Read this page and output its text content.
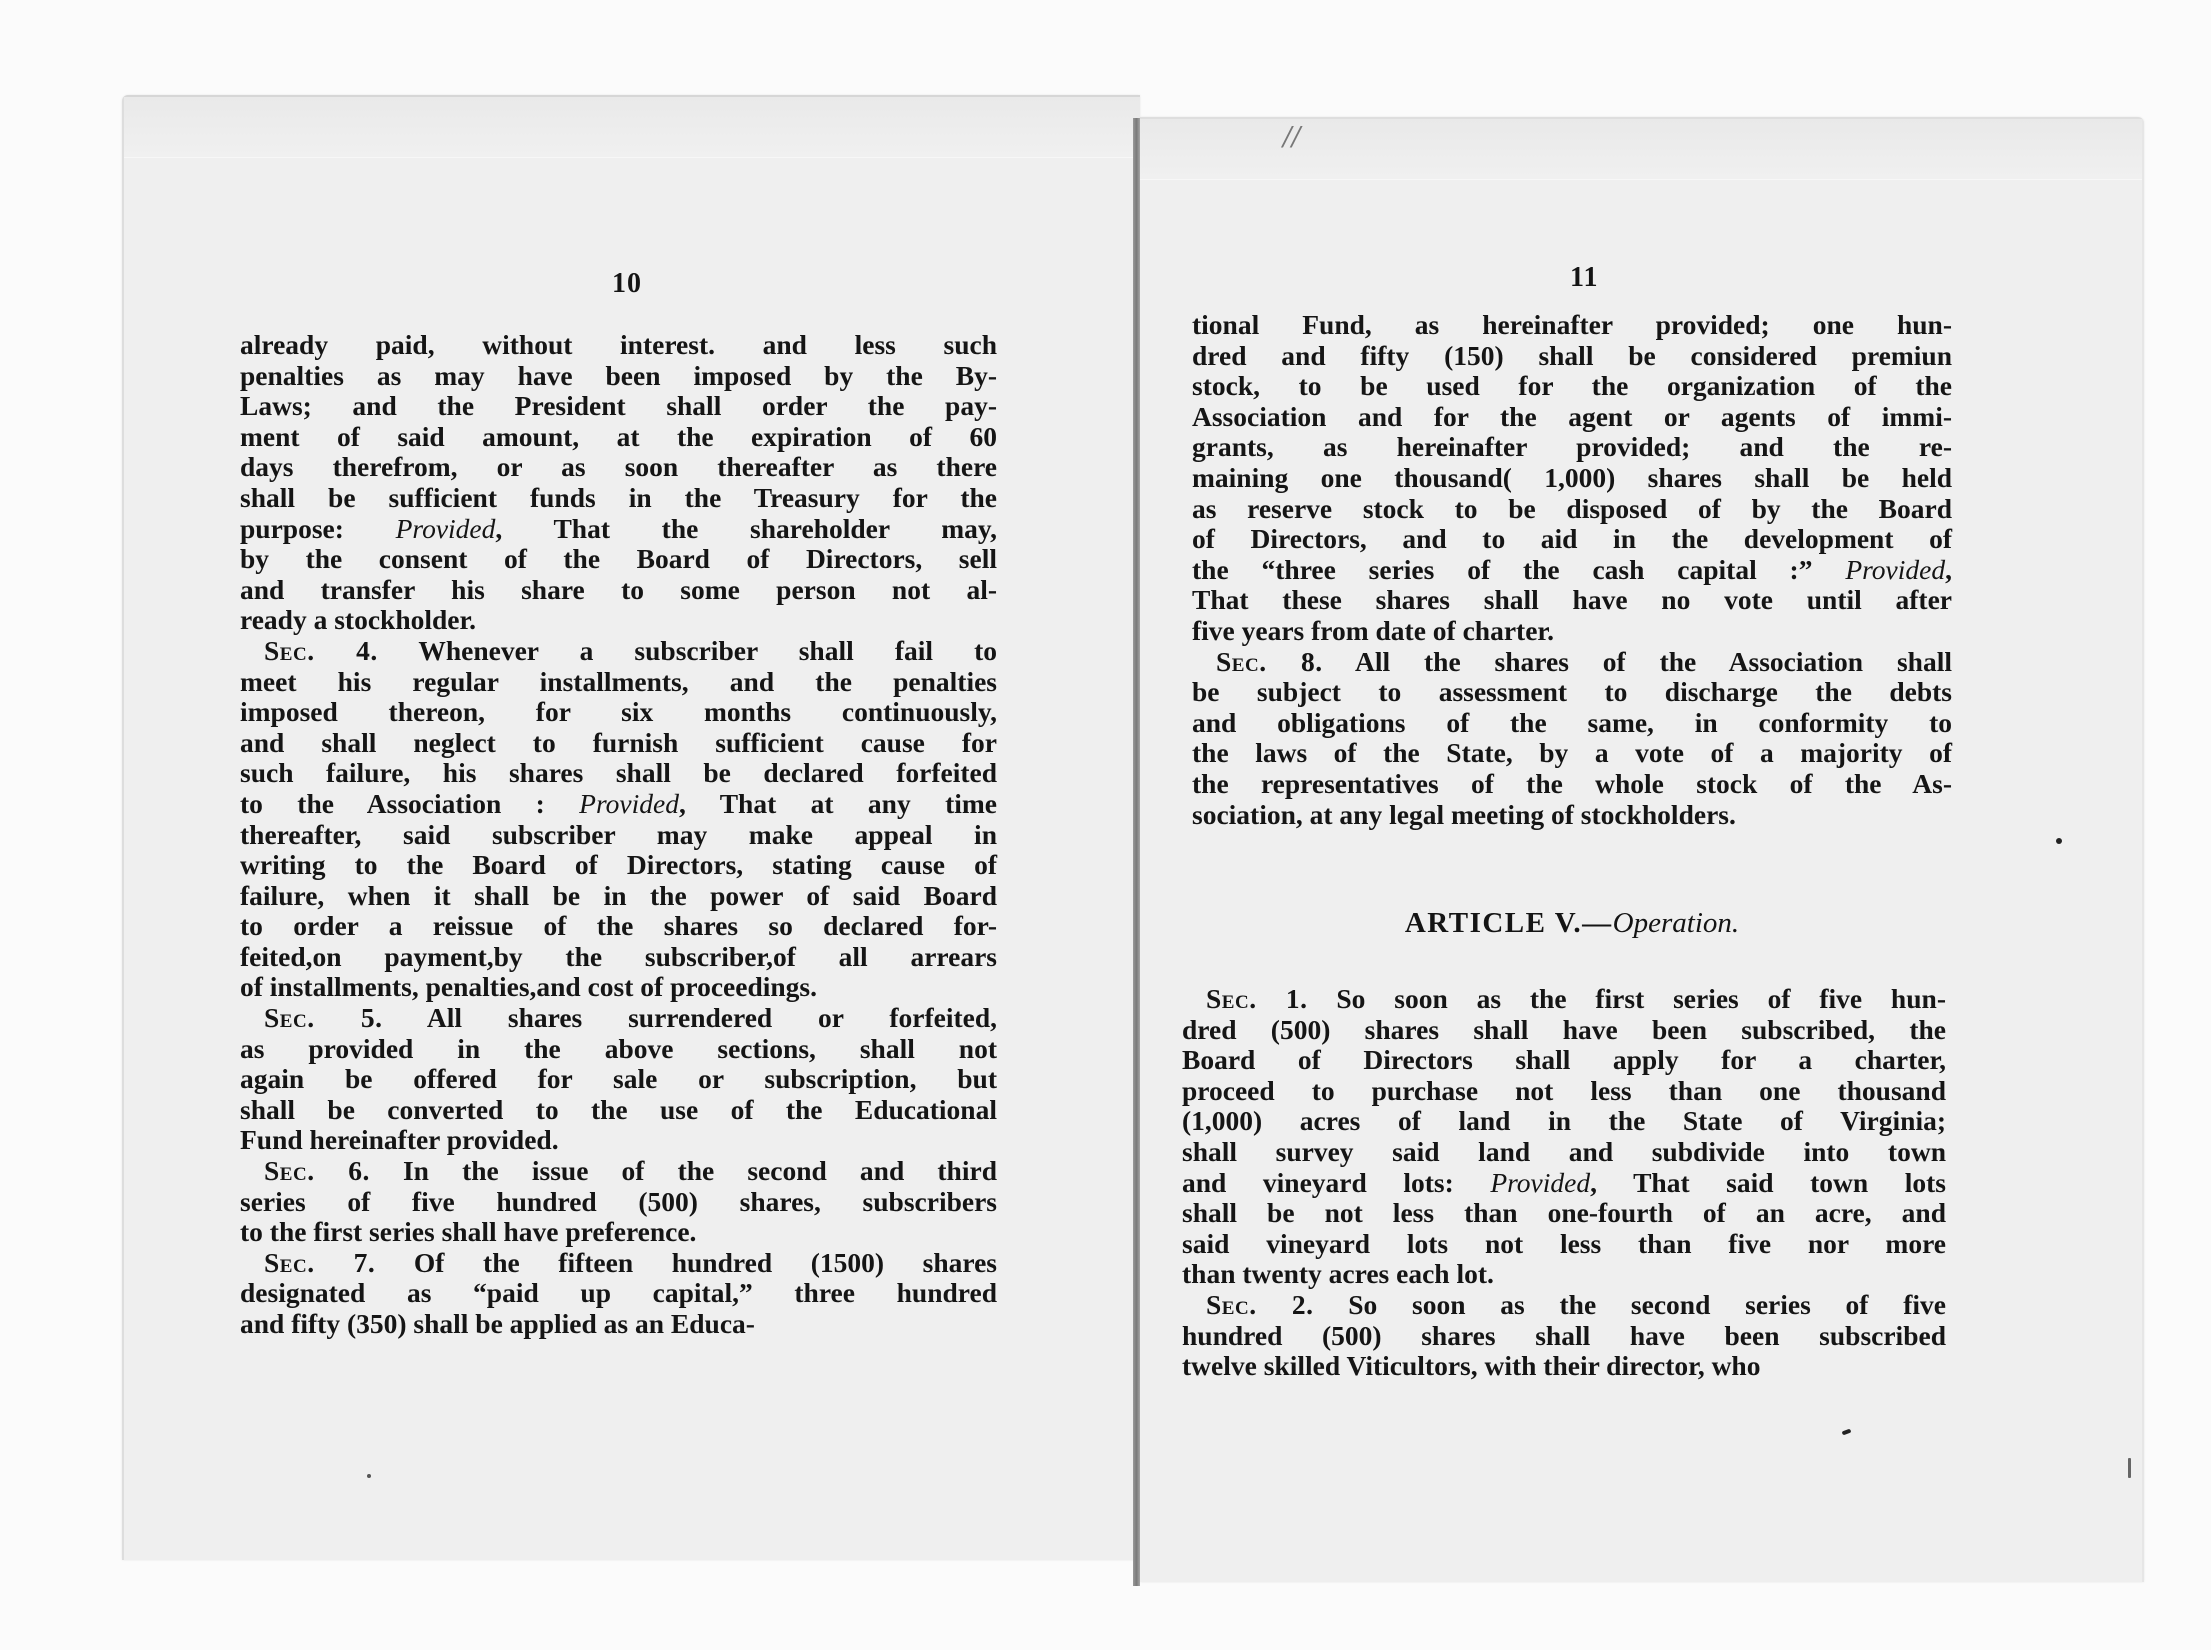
10
already paid, without interest. and less such
penalties as may have been imposed by the By-
Laws; and the President shall order the pay-
ment of said amount, at the expiration of 60
days therefrom, or as soon thereafter as there
shall be sufficient funds in the Treasury for the
purpose: Provided, That the shareholder may,
by the consent of the Board of Directors, sell
and transfer his share to some person not al-
ready a stockholder.
Sec. 4. Whenever a subscriber shall fail to
meet his regular installments, and the penalties
imposed thereon, for six months continuously,
and shall neglect to furnish sufficient cause for
such failure, his shares shall be declared forfeited
to the Association : Provided, That at any time
thereafter, said subscriber may make appeal in
writing to the Board of Directors, stating cause of
failure, when it shall be in the power of said Board
to order a reissue of the shares so declared for-
feited,on payment,by the subscriber,of all arrears
of installments, penalties,and cost of proceedings.
Sec. 5. All shares surrendered or forfeited,
as provided in the above sections, shall not
again be offered for sale or subscription, but
shall be converted to the use of the Educational
Fund hereinafter provided.
Sec. 6. In the issue of the second and third
series of five hundred (500) shares, subscribers
to the first series shall have preference.
Sec. 7. Of the fifteen hundred (1500) shares
designated as “paid up capital,” three hundred
and fifty (350) shall be applied as an Educa-
//
11
tional Fund, as hereinafter provided; one hun-
dred and fifty (150) shall be considered premiun
stock, to be used for the organization of the
Association and for the agent or agents of immi-
grants, as hereinafter provided; and the re-
maining one thousand( 1,000) shares shall be held
as reserve stock to be disposed of by the Board
of Directors, and to aid in the development of
the “three series of the cash capital :” Provided,
That these shares shall have no vote until after
five years from date of charter.
Sec. 8. All the shares of the Association shall
be subject to assessment to discharge the debts
and obligations of the same, in conformity to
the laws of the State, by a vote of a majority of
the representatives of the whole stock of the As-
sociation, at any legal meeting of stockholders.
ARTICLE V.—Operation.
Sec. 1. So soon as the first series of five hun-
dred (500) shares shall have been subscribed, the
Board of Directors shall apply for a charter,
proceed to purchase not less than one thousand
(1,000) acres of land in the State of Virginia;
shall survey said land and subdivide into town
and vineyard lots: Provided, That said town lots
shall be not less than one-fourth of an acre, and
said vineyard lots not less than five nor more
than twenty acres each lot.
Sec. 2. So soon as the second series of five
hundred (500) shares shall have been subscribed
twelve skilled Viticultors, with their director, who
